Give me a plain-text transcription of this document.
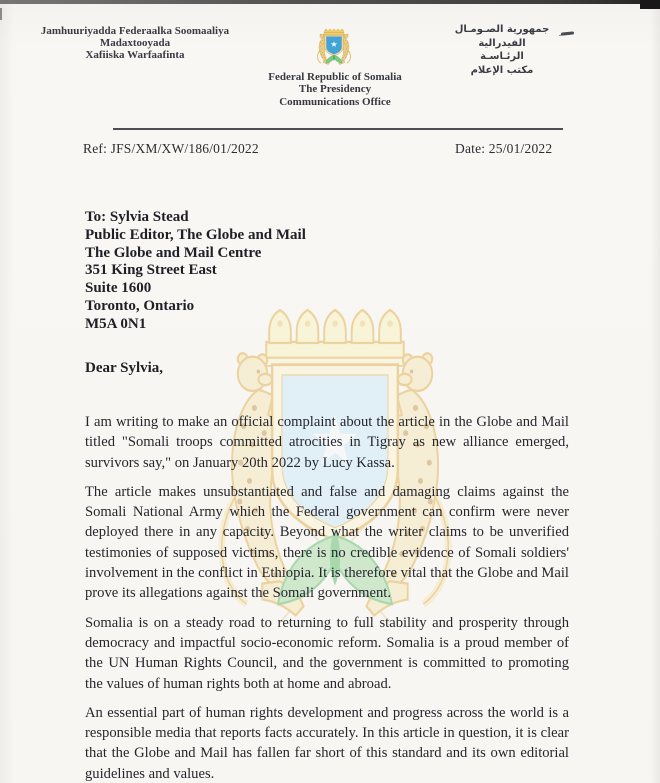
Jamhuuriyadda Federaalka Soomaaliya
Madaxtooyada
Xafiiska Warfaafinta
جمهورية الصـومـال الفيدرالية
الرئـاسـة
مكتب الإعلام
Federal Republic of Somalia
The Presidency
Communications Office
Ref: JFS/XM/XW/186/01/2022	Date: 25/01/2022
To: Sylvia Stead
Public Editor, The Globe and Mail
The Globe and Mail Centre
351 King Street East
Suite 1600
Toronto, Ontario
M5A 0N1
Dear Sylvia,

I am writing to make an official complaint about the article in the Globe and Mail titled "Somali troops committed atrocities in Tigray as new alliance emerged, survivors say," on January 20th 2022 by Lucy Kassa.

The article makes unsubstantiated and false and damaging claims against the Somali National Army which the Federal government can confirm were never deployed there in any capacity. Beyond what the writer claims to be unverified testimonies of supposed victims, there is no credible evidence of Somali soldiers' involvement in the conflict in Ethiopia. It is therefore vital that the Globe and Mail prove its allegations against the Somali government.

Somalia is on a steady road to returning to full stability and prosperity through democracy and impactful socio-economic reform. Somalia is a proud member of the UN Human Rights Council, and the government is committed to promoting the values of human rights both at home and abroad.

An essential part of human rights development and progress across the world is a responsible media that reports facts accurately. In this article in question, it is clear that the Globe and Mail has fallen far short of this standard and its own editorial guidelines and values.
